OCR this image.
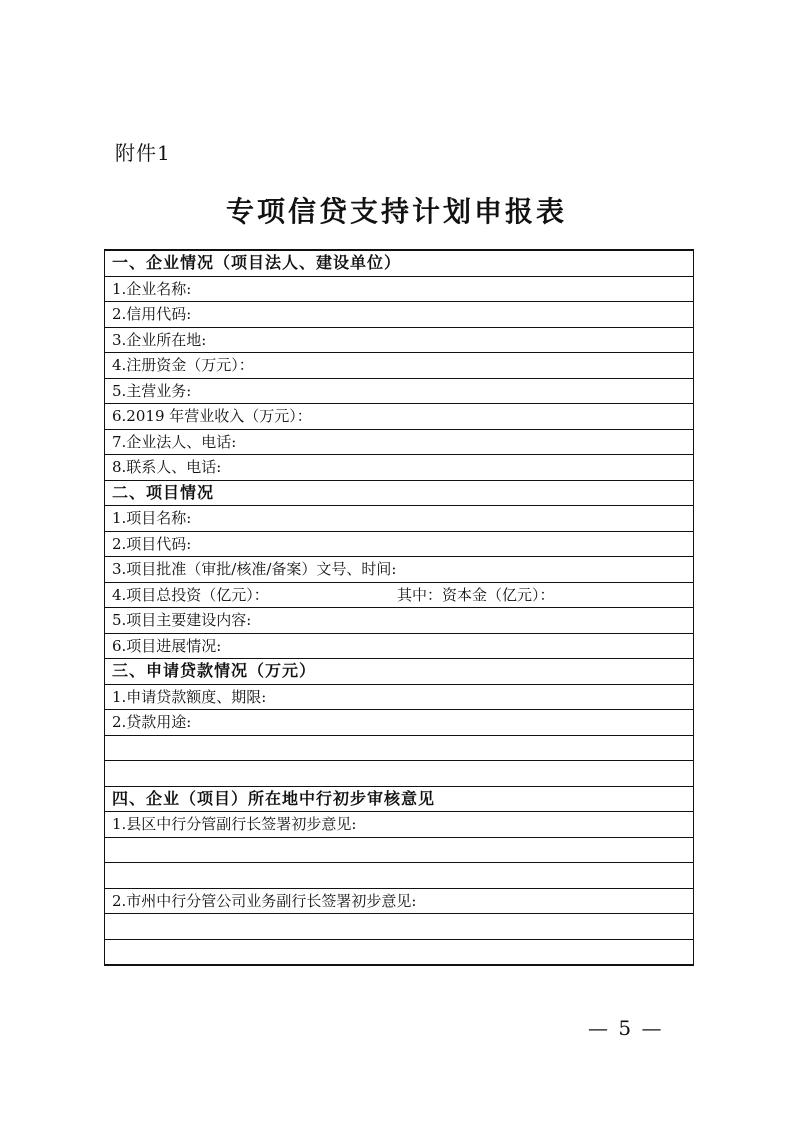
附件1
专项信贷支持计划申报表
一、企业情况（项目法人、建设单位）
1.企业名称:
2.信用代码:
3.企业所在地:
4.注册资金（万元）：
5.主营业务:
6.2019 年营业收入（万元）：
7.企业法人、电话:
8.联系人、电话:
二、项目情况
1.项目名称:
2.项目代码:
3.项目批准（审批/核准/备案）文号、时间:
4.项目总投资（亿元）：	其中：资本金（亿元）：
5.项目主要建设内容:
6.项目进展情况:
三、申请贷款情况（万元）
1.申请贷款额度、期限:
2.贷款用途:

四、企业（项目）所在地中行初步审核意见
1.县区中行分管副行长签署初步意见:

2.市州中行分管公司业务副行长签署初步意见:

— 5 —
